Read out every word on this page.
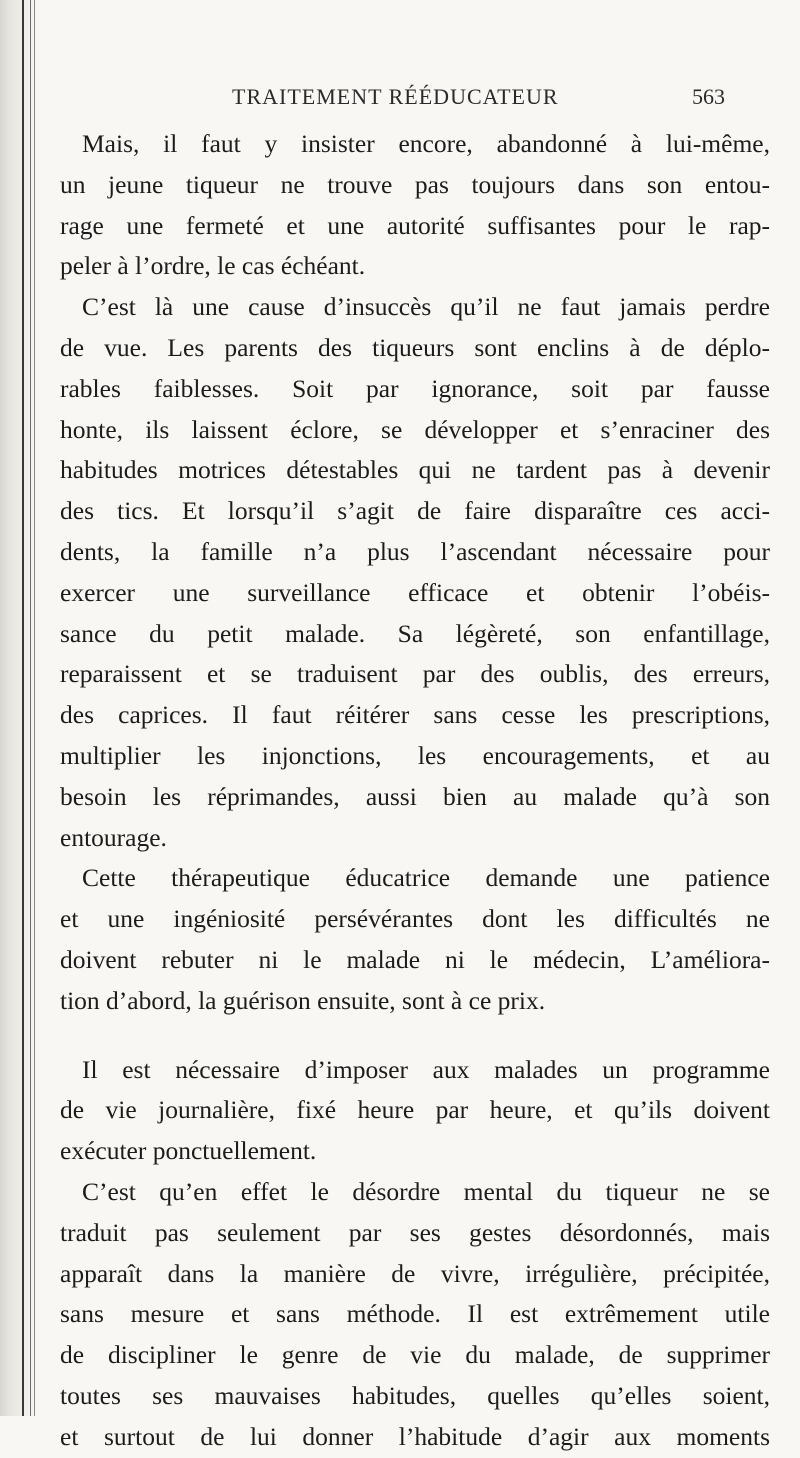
TRAITEMENT RÉÉDUCATEUR	563
Mais, il faut y insister encore, abandonné à lui-même,
un jeune tiqueur ne trouve pas toujours dans son entou-
rage une fermeté et une autorité suffisantes pour le rap-
peler à l’ordre, le cas échéant.
C’est là une cause d’insuccès qu’il ne faut jamais perdre
de vue. Les parents des tiqueurs sont enclins à de déplo-
rables faiblesses. Soit par ignorance, soit par fausse
honte, ils laissent éclore, se développer et s’enraciner des
habitudes motrices détestables qui ne tardent pas à devenir
des tics. Et lorsqu’il s’agit de faire disparaître ces acci-
dents, la famille n’a plus l’ascendant nécessaire pour
exercer une surveillance efficace et obtenir l’obéis-
sance du petit malade. Sa légèreté, son enfantillage,
reparaissent et se traduisent par des oublis, des erreurs,
des caprices. Il faut réitérer sans cesse les prescriptions,
multiplier les injonctions, les encouragements, et au
besoin les réprimandes, aussi bien au malade qu’à son
entourage.
Cette thérapeutique éducatrice demande une patience
et une ingéniosité persévérantes dont les difficultés ne
doivent rebuter ni le malade ni le médecin, L’améliora-
tion d’abord, la guérison ensuite, sont à ce prix.
Il est nécessaire d’imposer aux malades un programme
de vie journalière, fixé heure par heure, et qu’ils doivent
exécuter ponctuellement.
C’est qu’en effet le désordre mental du tiqueur ne se
traduit pas seulement par ses gestes désordonnés, mais
apparaît dans la manière de vivre, irrégulière, précipitée,
sans mesure et sans méthode. Il est extrêmement utile
de discipliner le genre de vie du malade, de supprimer
toutes ses mauvaises habitudes, quelles qu’elles soient,
et surtout de lui donner l’habitude d’agir aux moments
